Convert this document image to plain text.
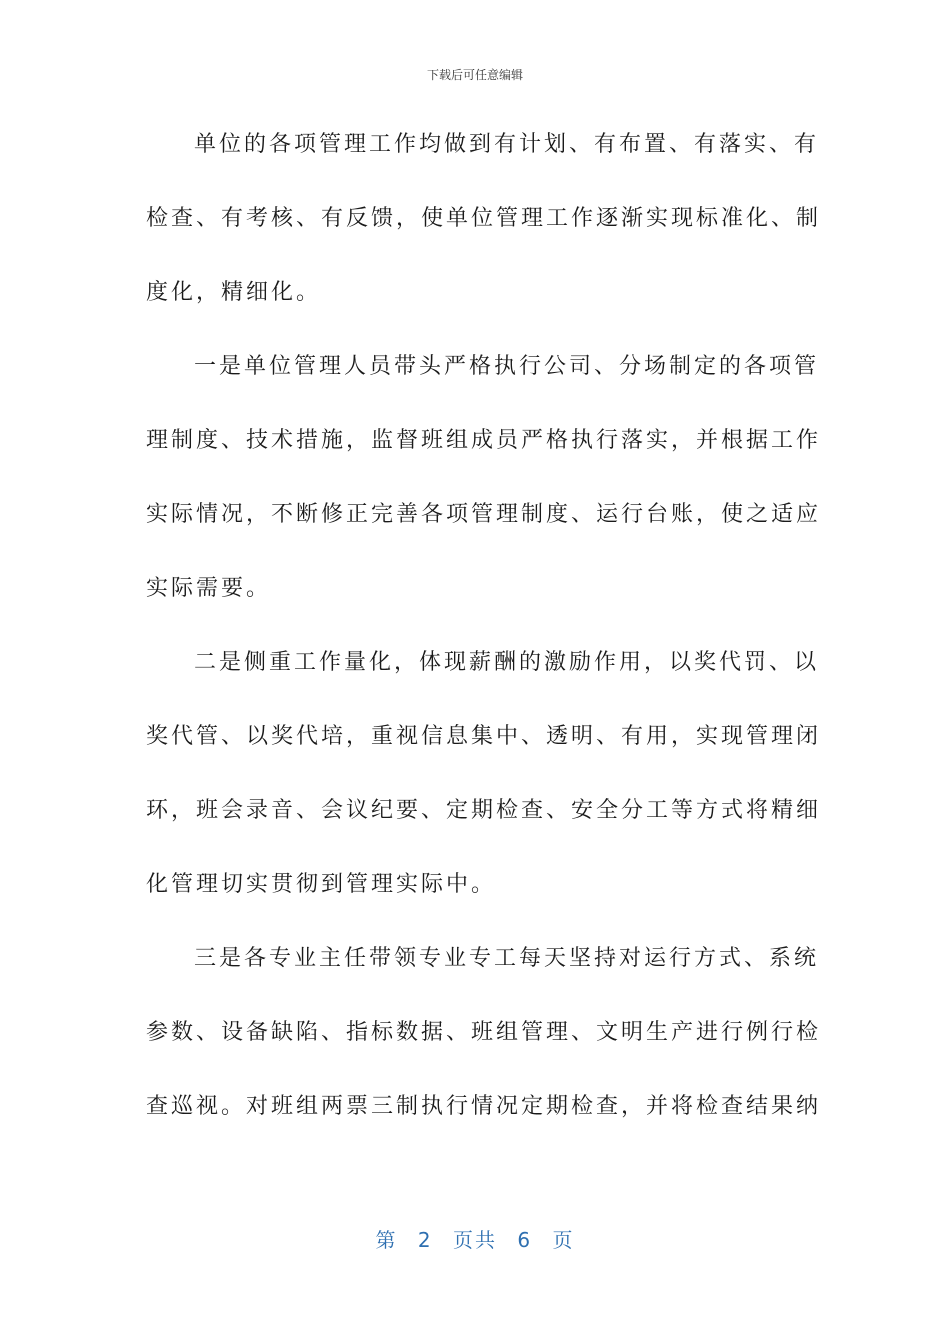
下载后可任意编辑
单位的各项管理工作均做到有计划、有布置、有落实、有
检查、有考核、有反馈，使单位管理工作逐渐实现标准化、制
度化，精细化。
一是单位管理人员带头严格执行公司、分场制定的各项管
理制度、技术措施，监督班组成员严格执行落实，并根据工作
实际情况，不断修正完善各项管理制度、运行台账，使之适应
实际需要。
二是侧重工作量化，体现薪酬的激励作用，以奖代罚、以
奖代管、以奖代培，重视信息集中、透明、有用，实现管理闭
环，班会录音、会议纪要、定期检查、安全分工等方式将精细
化管理切实贯彻到管理实际中。
三是各专业主任带领专业专工每天坚持对运行方式、系统
参数、设备缺陷、指标数据、班组管理、文明生产进行例行检
查巡视。对班组两票三制执行情况定期检查，并将检查结果纳
第 2 页共 6 页
